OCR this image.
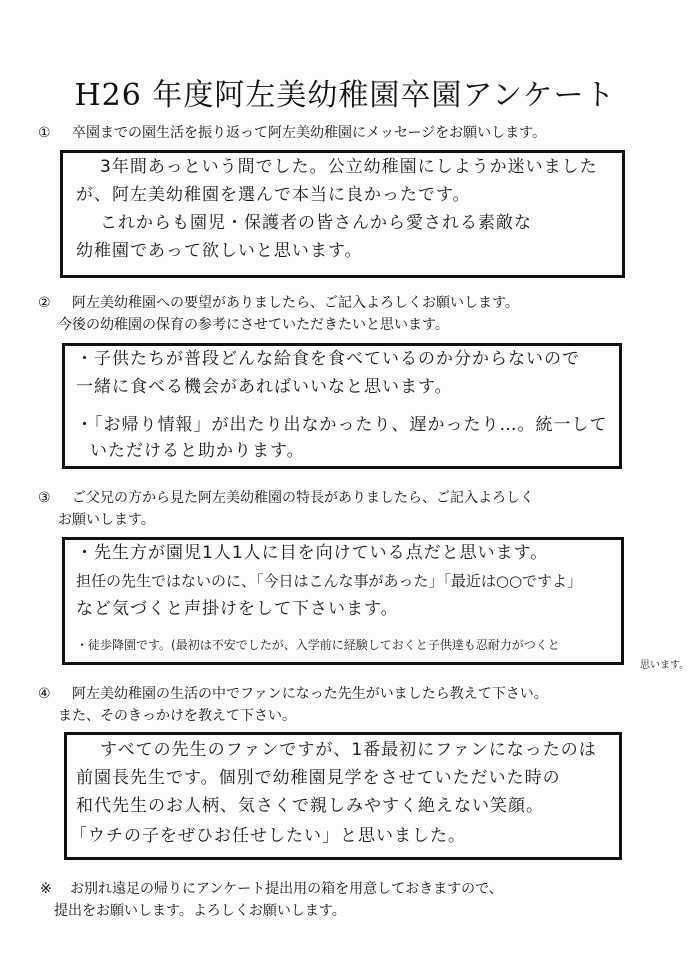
H26 年度阿左美幼稚園卒園アンケート
① 卒園までの園生活を振り返って阿左美幼稚園にメッセージをお願いします。
3年間あっという間でした。公立幼稚園にしようか迷いました
が、阿左美幼稚園を選んで本当に良かったです。
これからも園児・保護者の皆さんから愛される素敵な
幼稚園であって欲しいと思います。
② 阿左美幼稚園への要望がありましたら、ご記入よろしくお願いします。
今後の幼稚園の保育の参考にさせていただきたいと思います。
・子供たちが普段どんな給食を食べているのか分からないので
一緒に食べる機会があればいいなと思います。
・「お帰り情報」が出たり出なかったり、遅かったり…。統一して
いただけると助かります。
③ ご父兄の方から見た阿左美幼稚園の特長がありましたら、ご記入よろしく
お願いします。
・先生方が園児1人1人に目を向けている点だと思います。
担任の先生ではないのに、「今日はこんな事があった」「最近は○○ですよ」
など気づくと声掛けをして下さいます。
・徒歩降園です。(最初は不安でしたが、入学前に経験しておくと子供達も忍耐力がつくと
思います。
④ 阿左美幼稚園の生活の中でファンになった先生がいましたら教えて下さい。
また、そのきっかけを教えて下さい。
すべての先生のファンですが、1番最初にファンになったのは
前園長先生です。個別で幼稚園見学をさせていただいた時の
和代先生のお人柄、気さくで親しみやすく絶えない笑顔。
「ウチの子をぜひお任せしたい」と思いました。
※ お別れ遠足の帰りにアンケート提出用の箱を用意しておきますので、
提出をお願いします。よろしくお願いします。
